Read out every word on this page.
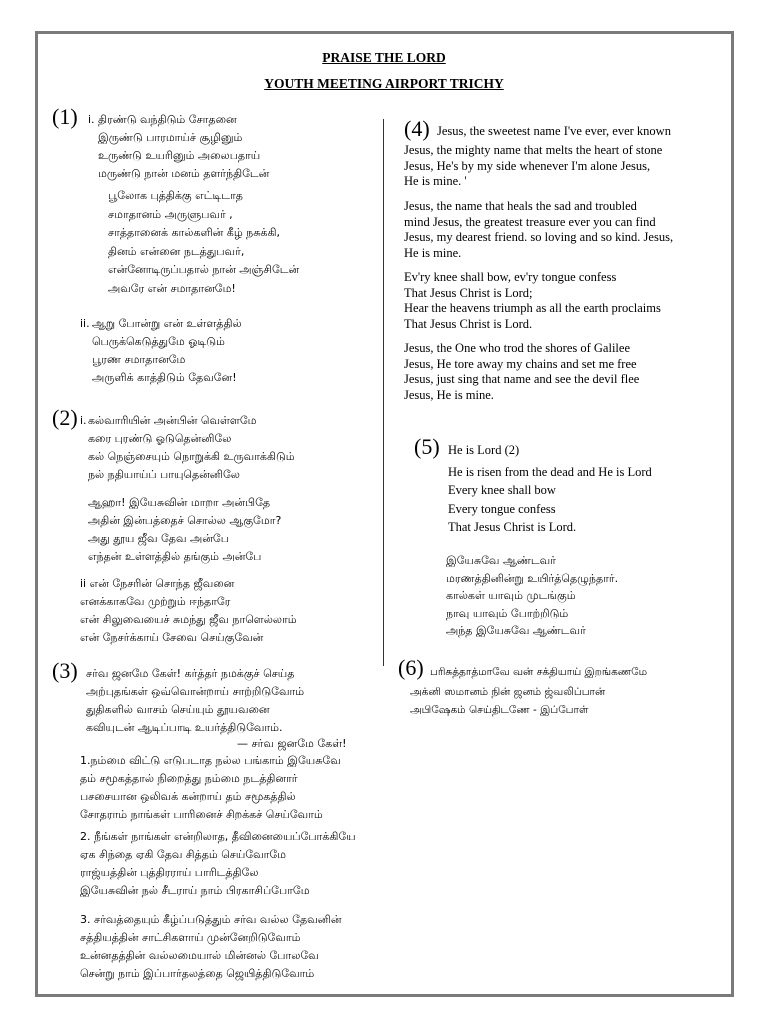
PRAISE THE LORD
YOUTH MEETING AIRPORT TRICHY
(1) i. திரண்டு வந்திடும் சோதனை
இருண்டு பாரமாய்ச் சூழினும்
உருண்டு உயரினும் அலைபதாய்
மருண்டு நான் மனம் தளர்ந்திடேன்
பூலோக புத்திக்கு எட்டிடாத
சமாதானம் அருளுபவர் ,
சாத்தானைக் கால்களின் கீழ் நசுக்கி,
தினம் என்னை நடத்துபவர்,
என்னோடிருப்பதால் நான் அஞ்சிடேன்
அவரே என் சமாதானமே!
ii. ஆறு போன்று என் உள்ளத்தில்
பெருக்கெடுத்துமே ஓடிடும்
பூரண சமாதானமே
அருளிக் காத்திடும் தேவனே!
(2) i. கல்வாரியின் அன்பின் வெள்ளமே
கரை புரண்டு ஓடுதென்னிலே
கல் நெஞ்சையும் நொறுக்கி உருவாக்கிடும்
நல் நதியாய்ப் பாயுதென்னிலே
ஆஹா! இயேசுவின் மாறா அன்பிதே
அதின் இன்பத்தைச் சொல்ல ஆகுமோ?
அது தூய ஜீவ தேவ அன்பே
எந்தன் உள்ளத்தில் தங்கும் அன்பே
ii என் நேசரின் சொந்த ஜீவனை
எனக்காகவே முற்றும் ஈந்தாரே
என் சிலுவையைச் சுமந்து ஜீவ நாளெல்லாம்
என் நேசர்க்காய் சேவை செய்குவேன்
(3) சர்வ ஜனமே கேள்! கர்த்தர் நமக்குச் செய்த
அற்புதங்கள் ஒவ்வொன்றாய் சாற்றிடுவோம்
துதிகளில் வாசம் செய்யும் தூயவனை
கவியுடன் ஆடிப்பாடி உயர்த்திடுவோம்.
— சர்வ ஜனமே கேள்!
1.நம்மை விட்டு எடுபடாத நல்ல பங்காம் இயேசுவே
தம் சமூகத்தால் நிறைத்து நம்மை நடத்தினார்
பசசையான ஒலிவக் கன்றாய் தம் சமூகத்தில்
சோதராம் நாங்கள் பாரினைச் சிறக்கச் செய்வோம்
2. நீங்கள் நாங்கள் என்றிலாத, தீவினையைப்போக்கியே
ஏக சிந்தை ஏகி தேவ சித்தம் செய்வோமே
ராஜ்யத்தின் புத்திரராய் பாரிடத்திலே
இயேசுவின் நல் சீடராய் நாம் பிரகாசிப்போமே
3. சர்வத்தையும் கீழ்ப்படுத்தும் சர்வ வல்ல தேவனின்
சத்தியத்தின் சாட்சிகளாய் முன்னேறிடுவோம்
உன்னதத்தின் வல்லமையால் மின்னல் போலவே
சென்று நாம் இப்பார்தலத்தை ஜெயித்திடுவோம்
(4) Jesus, the sweetest name I've ever, ever known
Jesus, the mighty name that melts the heart of stone
Jesus, He's by my side whenever I'm alone Jesus,
He is mine. '
Jesus, the name that heals the sad and troubled
mind Jesus, the greatest treasure ever you can find
Jesus, my dearest friend. so loving and so kind. Jesus,
He is mine.
Ev'ry knee shall bow, ev'ry tongue confess
That Jesus Christ is Lord;
Hear the heavens triumph as all the earth proclaims
That Jesus Christ is Lord.
Jesus, the One who trod the shores of Galilee
Jesus, He tore away my chains and set me free
Jesus, just sing that name and see the devil flee
Jesus, He is mine.
(5) He is Lord (2)
He is risen from the dead and He is Lord
Every knee shall bow
Every tongue confess
That Jesus Christ is Lord.
இயேசுவே ஆண்டவர்
மரணத்தினின்று உயிர்த்தெழுந்தார்.
கால்கள் யாவும் முடங்கும்
நாவு யாவும் போற்றிடும்
அந்த இயேசுவே ஆண்டவர்
(6) பரிசுத்தாத்மாவே வன் சக்தியாய் இறங்கணமே
அக்னி ஸமானம் நின் ஜனம் ஜ்வலிப்பான்
அபிஷேகம் செய்திடணே - இப்போள்
